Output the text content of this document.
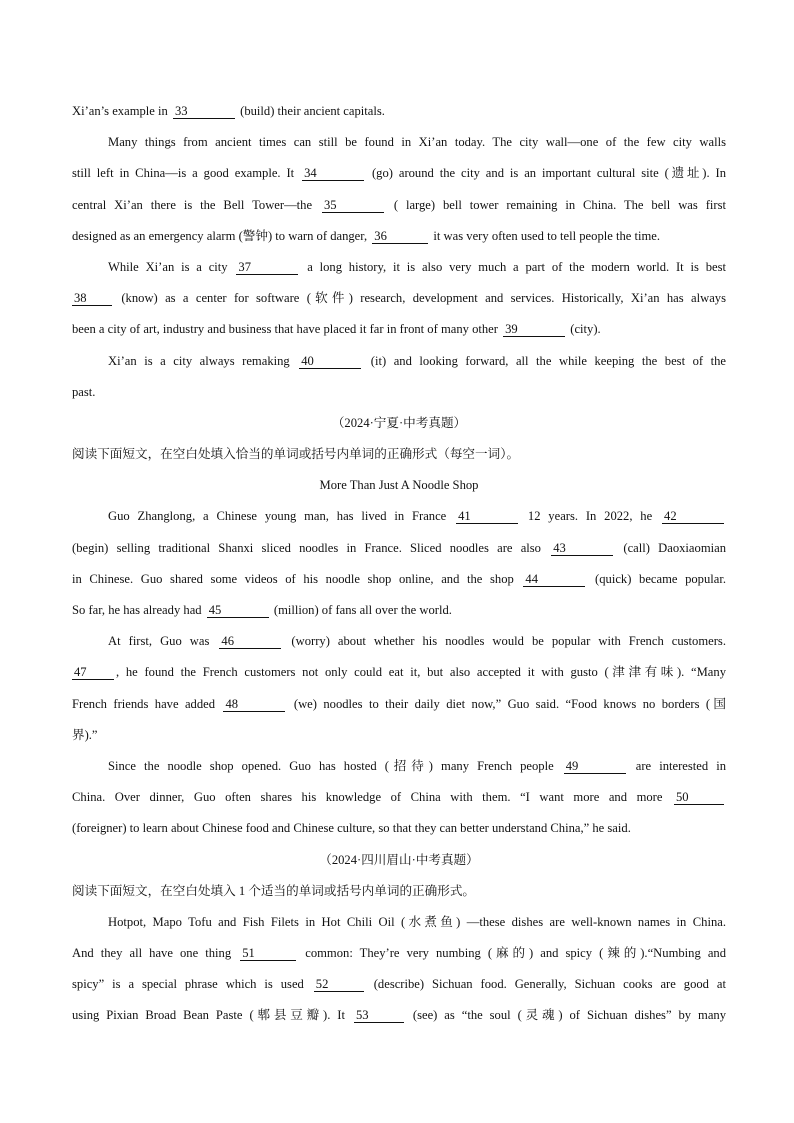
Xi’an’s example in 33	(build) their ancient capitals.
Many things from ancient times can still be found in Xi’an today. The city wall—one of the few city walls
still left in China—is a good example. It 34	(go) around the city and is an important cultural site (遗址). In
central Xi’an there is the Bell Tower—the 35	( large) bell tower remaining in China. The bell was first
designed as an emergency alarm (警钟) to warn of danger, 36	it was very often used to tell people the time.
While Xi’an is a city 37	a long history, it is also very much a part of the modern world. It is best
38 (know) as a center for software (软件) research, development and services. Historically, Xi’an has always
been a city of art, industry and business that have placed it far in front of many other 39	(city).
Xi’an is a city always remaking 40	(it) and looking forward, all the while keeping the best of the
past.
（2024·宁夏·中考真题）
阅读下面短文，在空白处填入恰当的单词或括号内单词的正确形式（每空一词）。
More Than Just A Noodle Shop
Guo Zhanglong, a Chinese young man, has lived in France 41	12 years. In 2022, he 42
(begin) selling traditional Shanxi sliced noodles in France. Sliced noodles are also 43	(call) Daoxiaomian
in Chinese. Guo shared some videos of his noodle shop online, and the shop 44	(quick) became popular.
So far, he has already had 45	(million) of fans all over the world.
At first, Guo was 46	(worry) about whether his noodles would be popular with French customers.
47 , he found the French customers not only could eat it, but also accepted it with gusto (津津有味). “Many
French friends have added 48	(we) noodles to their daily diet now,” Guo said. “Food knows no borders (国
界).”
Since the noodle shop opened. Guo has hosted (招待) many French people 49	are interested in
China. Over dinner, Guo often shares his knowledge of China with them. “I want more and more 50
(foreigner) to learn about Chinese food and Chinese culture, so that they can better understand China,” he said.
（2024·四川眉山·中考真题）
阅读下面短文，在空白处填入 1 个适当的单词或括号内单词的正确形式。
Hotpot, Mapo Tofu and Fish Filets in Hot Chili Oil (水煮鱼) —these dishes are well-known names in China.
And they all have one thing 51	common: They’re very numbing (麻的) and spicy (辣的).“Numbing and
spicy” is a special phrase which is used 52	(describe) Sichuan food. Generally, Sichuan cooks are good at
using Pixian Broad Bean Paste (郫县豆瓣). It 53	(see) as “the soul (灵魂) of Sichuan dishes” by many
